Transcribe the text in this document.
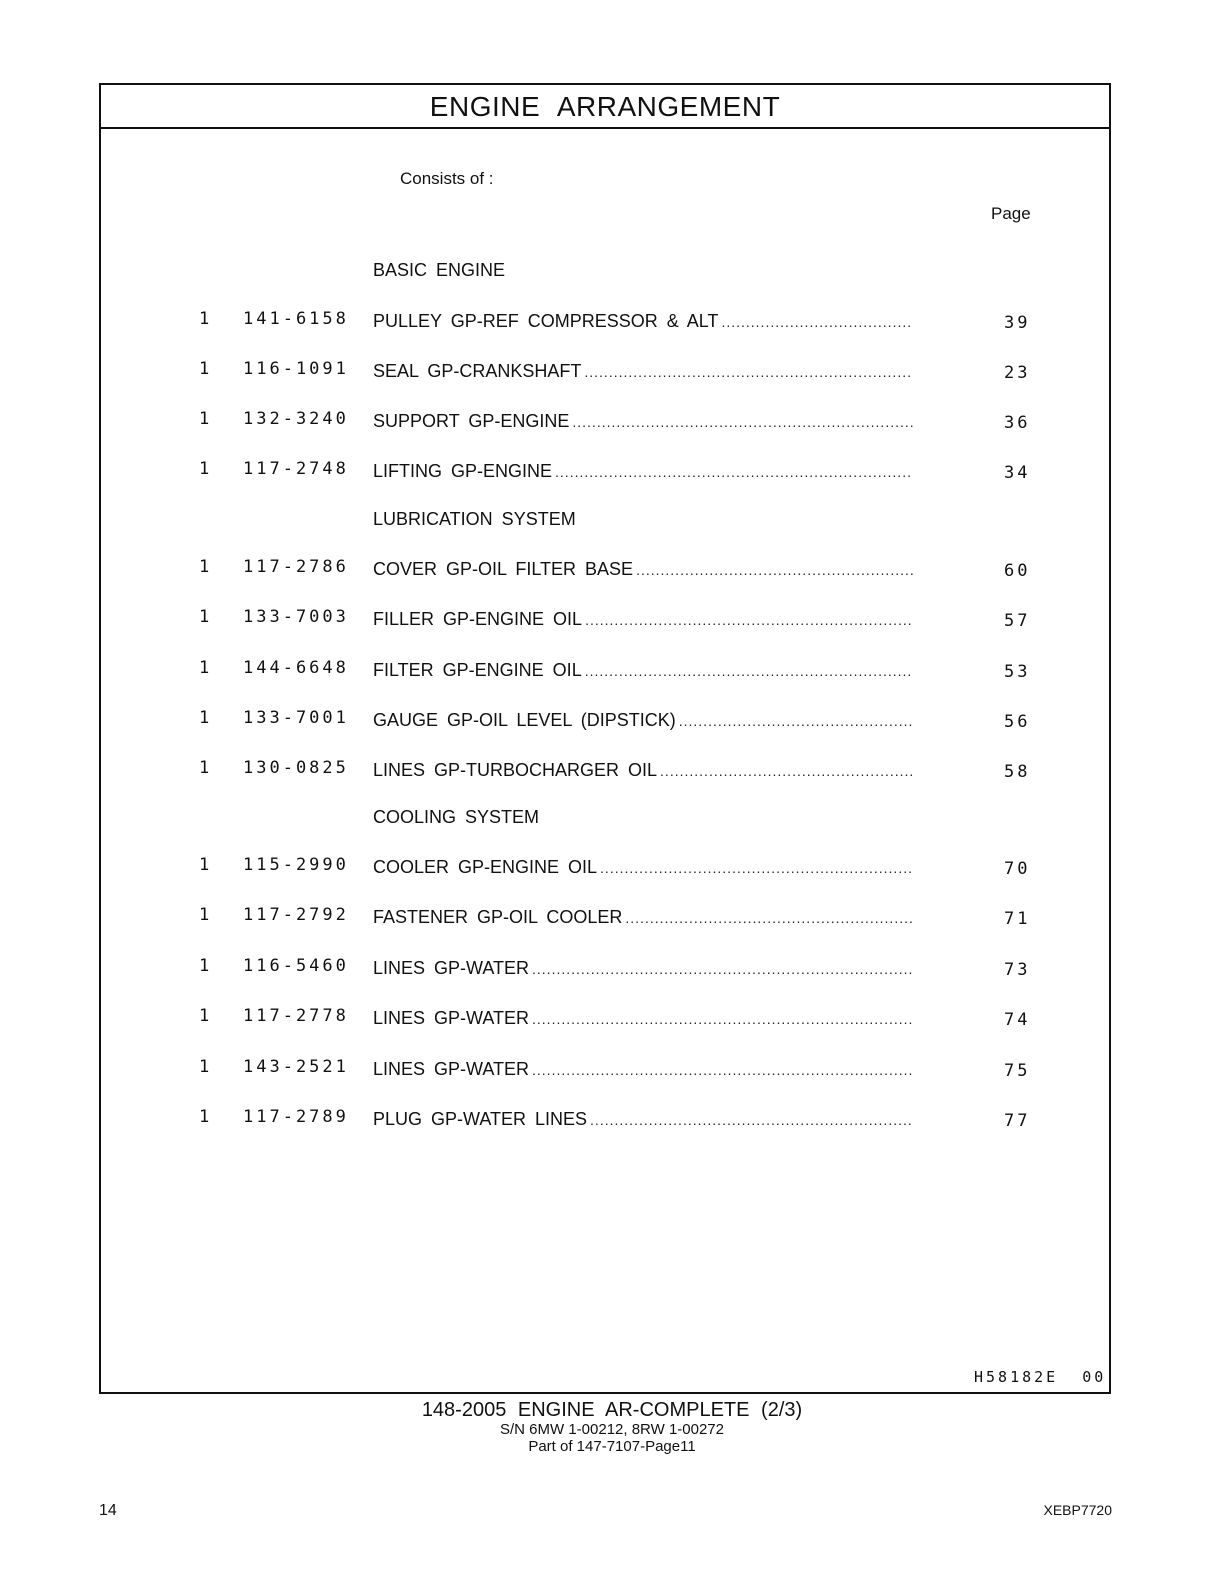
ENGINE ARRANGEMENT
Consists of :
Page
BASIC ENGINE
1 141-6158 PULLEY GP-REF COMPRESSOR & ALT .....	39
1 116-1091 SEAL GP-CRANKSHAFT .....	23
1 132-3240 SUPPORT GP-ENGINE .....	36
1 117-2748 LIFTING GP-ENGINE .....	34
LUBRICATION SYSTEM
1 117-2786 COVER GP-OIL FILTER BASE .....	60
1 133-7003 FILLER GP-ENGINE OIL .....	57
1 144-6648 FILTER GP-ENGINE OIL .....	53
1 133-7001 GAUGE GP-OIL LEVEL (DIPSTICK) .....	56
1 130-0825 LINES GP-TURBOCHARGER OIL .....	58
COOLING SYSTEM
1 115-2990 COOLER GP-ENGINE OIL .....	70
1 117-2792 FASTENER GP-OIL COOLER .....	71
1 116-5460 LINES GP-WATER .....	73
1 117-2778 LINES GP-WATER .....	74
1 143-2521 LINES GP-WATER .....	75
1 117-2789 PLUG GP-WATER LINES .....	77
H58182E 00
148-2005 ENGINE AR-COMPLETE (2/3)
S/N 6MW 1-00212, 8RW 1-00272
Part of 147-7107-Page11
14	XEBP7720
